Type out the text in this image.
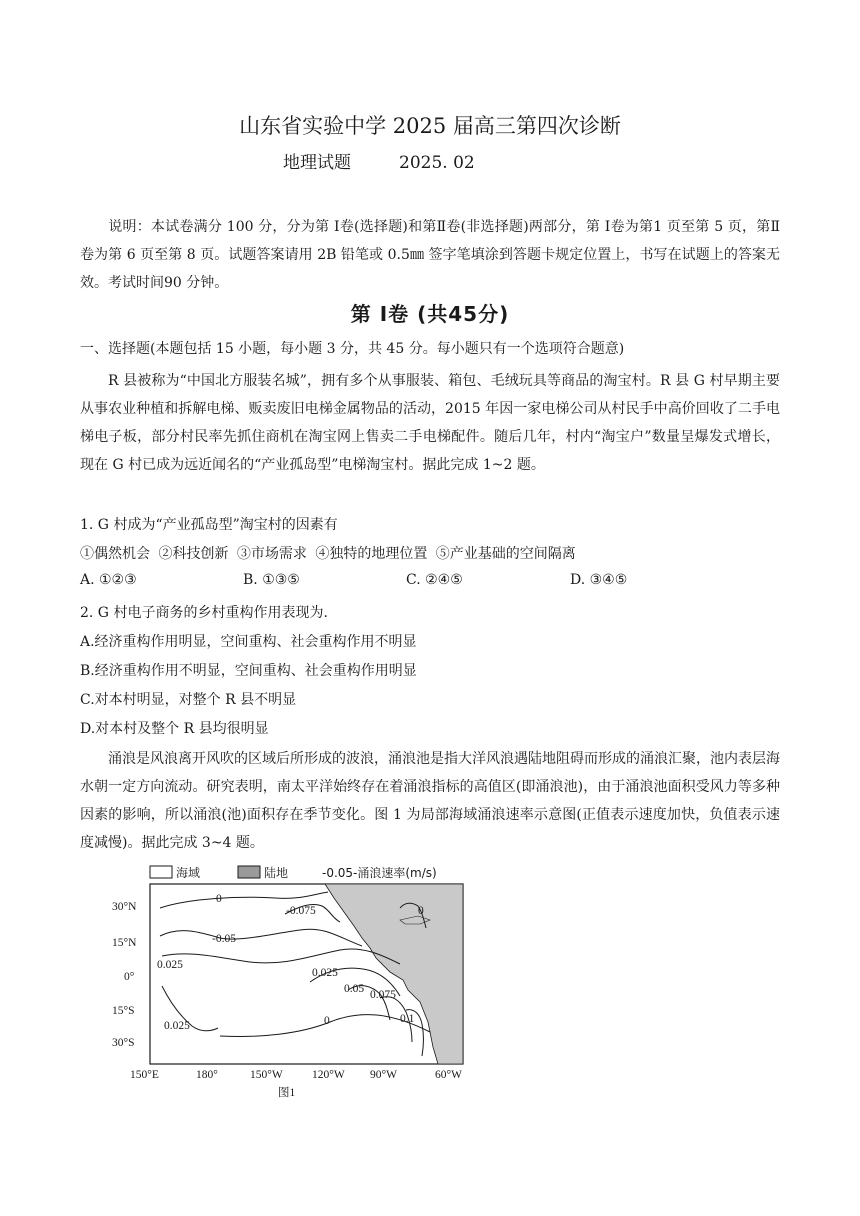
山东省实验中学 2025 届高三第四次诊断
地理试题	2025. 02
说明：本试卷满分 100 分，分为第 Ⅰ卷(选择题)和第Ⅱ卷(非选择题)两部分，第 Ⅰ卷为第1 页至第 5 页，第Ⅱ卷为第 6 页至第 8 页。试题答案请用 2B 铅笔或 0.5㎜ 签字笔填涂到答题卡规定位置上，书写在试题上的答案无效。考试时间90 分钟。
第 Ⅰ卷 (共45分)
一、选择题(本题包括 15 小题，每小题 3 分，共 45 分。每小题只有一个选项符合题意)
R 县被称为“中国北方服装名城”，拥有多个从事服装、箱包、毛绒玩具等商品的淘宝村。R 县 G 村早期主要从事农业种植和拆解电梯、贩卖废旧电梯金属物品的活动，2015 年因一家电梯公司从村民手中高价回收了二手电梯电子板，部分村民率先抓住商机在淘宝网上售卖二手电梯配件。随后几年，村内“淘宝户”数量呈爆发式增长，现在 G 村已成为远近闻名的“产业孤岛型”电梯淘宝村。据此完成 1~2 题。
1. G 村成为“产业孤岛型”淘宝村的因素有
①偶然机会 ②科技创新 ③市场需求 ④独特的地理位置 ⑤产业基础的空间隔离
A. ①②③	B. ①③⑤	C. ②④⑤	D. ③④⑤
2. G 村电子商务的乡村重构作用表现为.
A.经济重构作用明显，空间重构、社会重构作用不明显
B.经济重构作用不明显，空间重构、社会重构作用明显
C.对本村明显，对整个 R 县不明显
D.对本村及整个 R 县均很明显
涌浪是风浪离开风吹的区域后所形成的波浪，涌浪池是指大洋风浪遇陆地阻碍而形成的涌浪汇聚，池内表层海水朝一定方向流动。研究表明，南太平洋始终存在着涌浪指标的高值区(即涌浪池)，由于涌浪池面积受风力等多种因素的影响，所以涌浪(池)面积存在季节变化。图 1 为局部海域涌浪速率示意图(正值表示速度加快，负值表示速度减慢)。据此完成 3~4 题。
海域	陆地	-0.05-涌浪速率(m/s)
0
-0.075	0
-0.05
0.025
0.025
0.05 0.075
0.1
0.025	0
30°N
15°N
0°
15°S
30°S
150°E	180°	150°W	120°W 90°W	60°W
图1
